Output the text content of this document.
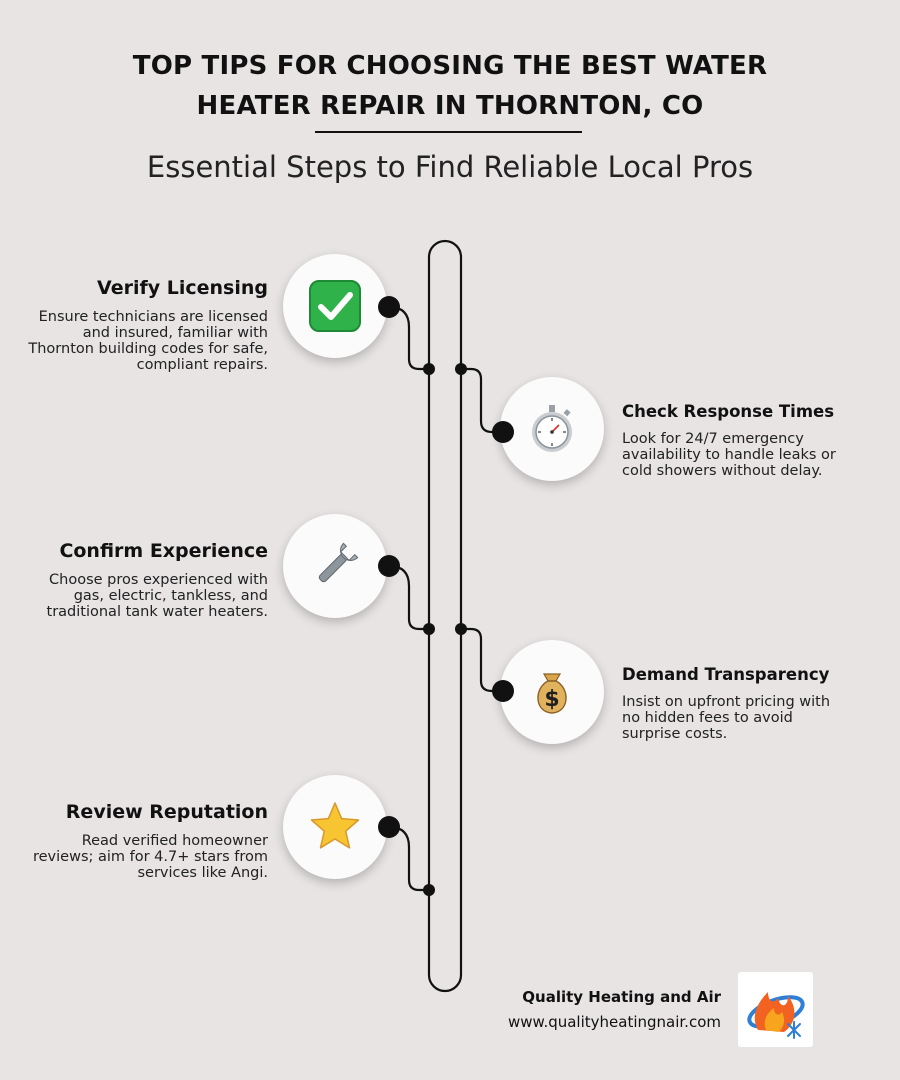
TOP TIPS FOR CHOOSING THE BEST WATER
HEATER REPAIR IN THORNTON, CO
Essential Steps to Find Reliable Local Pros
Verify Licensing

Ensure technicians are licensed and insured, familiar with Thornton building codes for safe, compliant repairs.

Check Response Times

Look for 24/7 emergency availability to handle leaks or cold showers without delay.

Confirm Experience

Choose pros experienced with gas, electric, tankless, and traditional tank water heaters.

$
Demand Transparency

Insist on upfront pricing with no hidden fees to avoid surprise costs.

Review Reputation

Read verified homeowner reviews; aim for 4.7+ stars from services like Angi.

Quality Heating and Air
www.qualityheatingnair.com
